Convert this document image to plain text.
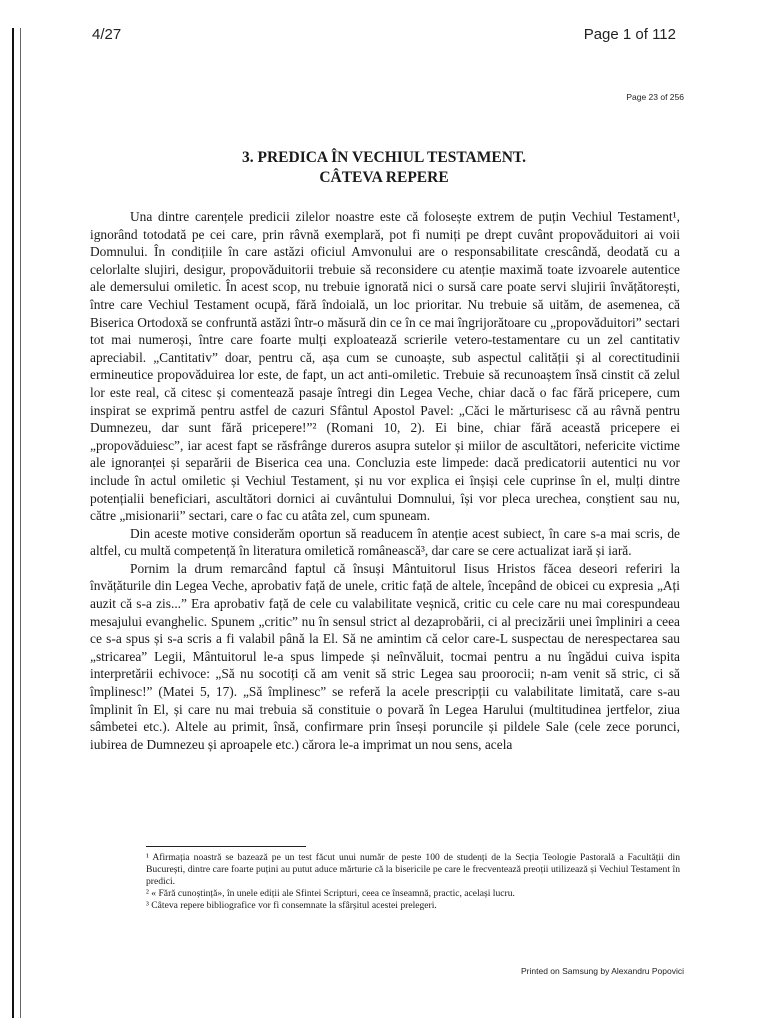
4/27	Page 1 of 112
Page 23 of 256
3. PREDICA ÎN VECHIUL TESTAMENT.
CÂTEVA REPERE

Una dintre carențele predicii zilelor noastre este că folosește extrem de puțin Vechiul Testament¹, ignorând totodată pe cei care, prin râvnă exemplară, pot fi numiți pe drept cuvânt propovăduitori ai voii Domnului. În condițiile în care astăzi oficiul Amvonului are o responsabilitate crescândă, deodată cu a celorlalte slujiri, desigur, propovăduitorii trebuie să reconsidere cu atenție maximă toate izvoarele autentice ale demersului omiletic. În acest scop, nu trebuie ignorată nici o sursă care poate servi slujirii învățătorești, între care Vechiul Testament ocupă, fără îndoială, un loc prioritar. Nu trebuie să uităm, de asemenea, că Biserica Ortodoxă se confruntă astăzi într-o măsură din ce în ce mai îngrijorătoare cu „propovăduitori” sectari tot mai numeroși, între care foarte mulți exploatează scrierile vetero-testamentare cu un zel cantitativ apreciabil. „Cantitativ” doar, pentru că, așa cum se cunoaște, sub aspectul calității și al corectitudinii ermineutice propovăduirea lor este, de fapt, un act anti-omiletic. Trebuie să recunoaștem însă cinstit că zelul lor este real, că citesc și comentează pasaje întregi din Legea Veche, chiar dacă o fac fără pricepere, cum inspirat se exprimă pentru astfel de cazuri Sfântul Apostol Pavel: „Căci le mărturisesc că au râvnă pentru Dumnezeu, dar sunt fără pricepere!”² (Romani 10, 2). Ei bine, chiar fără această pricepere ei „propovăduiesc”, iar acest fapt se răsfrânge dureros asupra sutelor și miilor de ascultători, nefericite victime ale ignoranței și separării de Biserica cea una. Concluzia este limpede: dacă predicatorii autentici nu vor include în actul omiletic și Vechiul Testament, și nu vor explica ei înșiși cele cuprinse în el, mulți dintre potențialii beneficiari, ascultători dornici ai cuvântului Domnului, își vor pleca urechea, conștient sau nu, către „misionarii” sectari, care o fac cu atâta zel, cum spuneam.

Din aceste motive considerăm oportun să readucem în atenție acest subiect, în care s-a mai scris, de altfel, cu multă competență în literatura omiletică românească³, dar care se cere actualizat iară și iară.

Pornim la drum remarcând faptul că însuși Mântuitorul Iisus Hristos făcea deseori referiri la învățăturile din Legea Veche, aprobativ față de unele, critic față de altele, începând de obicei cu expresia „Ați auzit că s-a zis...” Era aprobativ față de cele cu valabilitate veșnică, critic cu cele care nu mai corespundeau mesajului evanghelic. Spunem „critic” nu în sensul strict al dezaprobării, ci al precizării unei împliniri a ceea ce s-a spus și s-a scris a fi valabil până la El. Să ne amintim că celor care-L suspectau de nerespectarea sau „stricarea” Legii, Mântuitorul le-a spus limpede și neînvăluit, tocmai pentru a nu îngădui cuiva ispita interpretării echivoce: „Să nu socotiți că am venit să stric Legea sau proorocii; n-am venit să stric, ci să împlinesc!” (Matei 5, 17). „Să împlinesc” se referă la acele prescripții cu valabilitate limitată, care s-au împlinit în El, și care nu mai trebuia să constituie o povară în Legea Harului (multitudinea jertfelor, ziua sâmbetei etc.). Altele au primit, însă, confirmare prin înseși poruncile și pildele Sale (cele zece porunci, iubirea de Dumnezeu și aproapele etc.) cărora le-a imprimat un nou sens, acela

¹ Afirmația noastră se bazează pe un test făcut unui număr de peste 100 de studenți de la Secția Teologie Pastorală a Facultății din București, dintre care foarte puțini au putut aduce mărturie că la bisericile pe care le frecventează preoții utilizează și Vechiul Testament în predici.

² « Fără cunoștință», în unele ediții ale Sfintei Scripturi, ceea ce înseamnă, practic, același lucru.

³ Câteva repere bibliografice vor fi consemnate la sfârșitul acestei prelegeri.

Printed on Samsung by Alexandru Popovici
